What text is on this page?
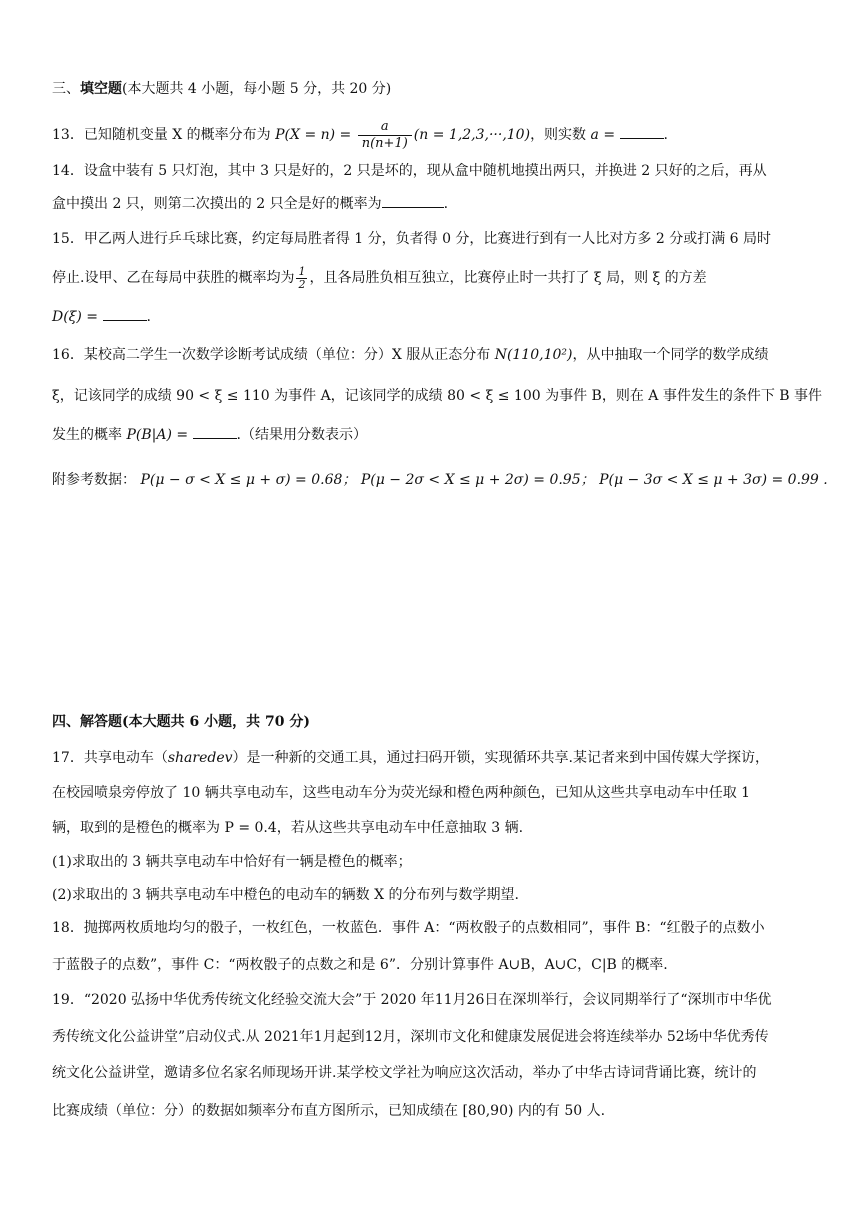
三、填空题(本大题共 4 小题，每小题 5 分，共 20 分)
13．已知随机变量 X 的概率分布为 $P(X = n) = \frac{a}{n(n+1)} (n = 1,2,3,\cdot\cdot\cdot,10)$，则实数 a =	.
14．设盒中装有 5 只灯泡，其中 3 只是好的，2 只是坏的，现从盒中随机地摸出两只，并换进 2 只好的之后，再从
盒中摸出 2 只，则第二次摸出的 2 只全是好的概率为	.
15．甲乙两人进行乒乓球比赛，约定每局胜者得 1 分，负者得 0 分，比赛进行到有一人比对方多 2 分或打满 6 局时
停止.设甲、乙在每局中获胜的概率均为 $\frac{1}{2}$ ，且各局胜负相互独立，比赛停止时一共打了 ξ 局，则 ξ 的方差
D(ξ) =	.
16．某校高二学生一次数学诊断考试成绩（单位：分）X 服从正态分布 N(110,10²)，从中抽取一个同学的数学成绩
ξ，记该同学的成绩 90 < ξ ≤ 110 为事件 A，记该同学的成绩 80 < ξ ≤ 100 为事件 B，则在 A 事件发生的条件下 B 事件
发生的概率 P(B|A) =	.（结果用分数表示）
附参考数据： P(μ − σ < X ≤ μ + σ) = 0.68； P(μ − 2σ < X ≤ μ + 2σ) = 0.95； P(μ − 3σ < X ≤ μ + 3σ) = 0.99 .
四、解答题(本大题共 6 小题，共 70 分)
17．共享电动车（sharedev）是一种新的交通工具，通过扫码开锁，实现循环共享.某记者来到中国传媒大学探访，
在校园喷泉旁停放了 10 辆共享电动车，这些电动车分为荧光绿和橙色两种颜色，已知从这些共享电动车中任取 1
辆，取到的是橙色的概率为 P = 0.4，若从这些共享电动车中任意抽取 3 辆.
(1)求取出的 3 辆共享电动车中恰好有一辆是橙色的概率；
(2)求取出的 3 辆共享电动车中橙色的电动车的辆数 X 的分布列与数学期望.
18．抛掷两枚质地均匀的骰子，一枚红色，一枚蓝色．事件 A：“两枚骰子的点数相同”，事件 B：“红骰子的点数小
于蓝骰子的点数”，事件 C：“两枚骰子的点数之和是 6”．分别计算事件 A∪B，A∪C，C|B 的概率.
19．“2020 弘扬中华优秀传统文化经验交流大会”于 2020 年11月26日在深圳举行，会议同期举行了“深圳市中华优
秀传统文化公益讲堂”启动仪式.从 2021年1月起到12月，深圳市文化和健康发展促进会将连续举办 52场中华优秀传
统文化公益讲堂，邀请多位名家名师现场开讲.某学校文学社为响应这次活动，举办了中华古诗词背诵比赛，统计的
比赛成绩（单位：分）的数据如频率分布直方图所示，已知成绩在 [80,90) 内的有 50 人.
